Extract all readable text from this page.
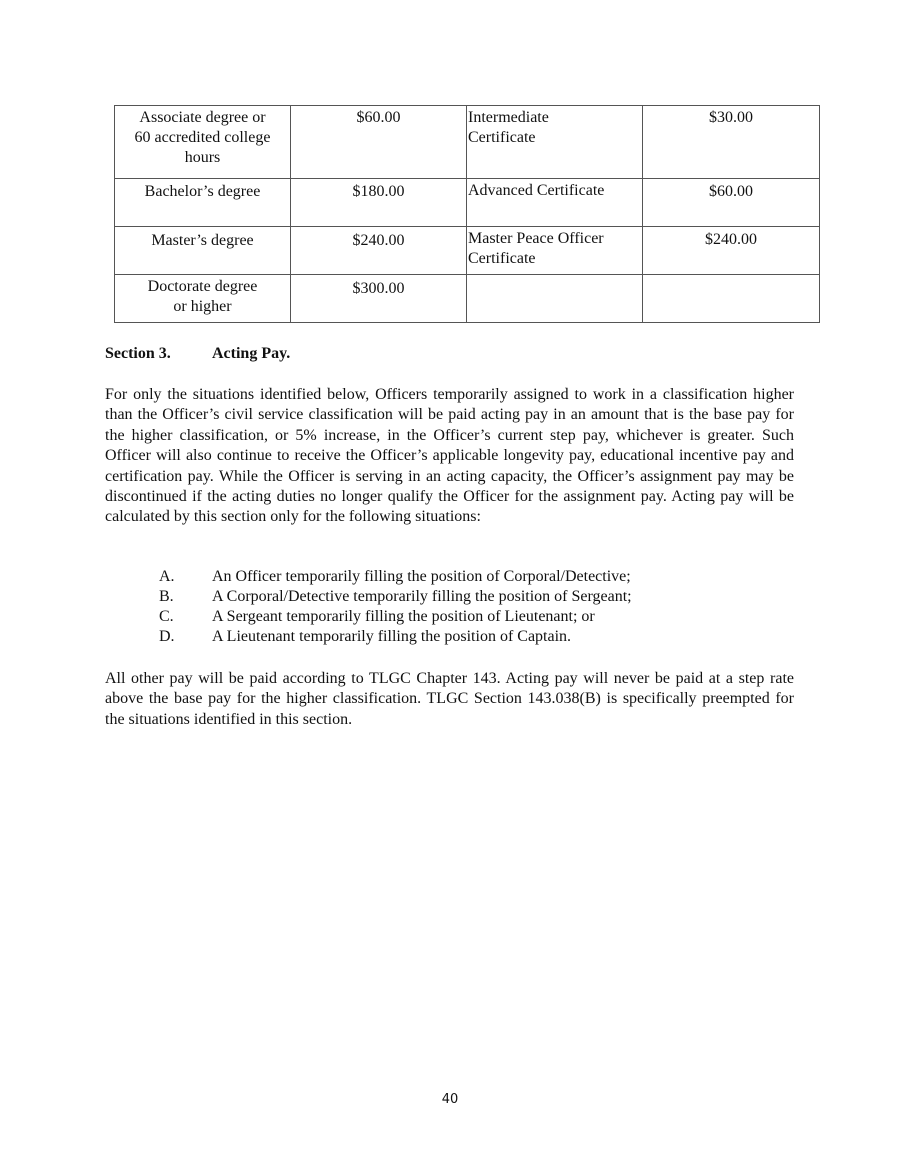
Associate degree or 60 accredited college hours	$60.00	Intermediate Certificate	$30.00
Bachelor’s degree	$180.00	Advanced Certificate	$60.00
Master’s degree	$240.00	Master Peace Officer Certificate	$240.00
Doctorate degree or higher	$300.00		
Section 3.	Acting Pay.

For only the situations identified below, Officers temporarily assigned to work in a classification higher than the Officer’s civil service classification will be paid acting pay in an amount that is the base pay for the higher classification, or 5% increase, in the Officer’s current step pay, whichever is greater. Such Officer will also continue to receive the Officer’s applicable longevity pay, educational incentive pay and certification pay. While the Officer is serving in an acting capacity, the Officer’s assignment pay may be discontinued if the acting duties no longer qualify the Officer for the assignment pay. Acting pay will be calculated by this section only for the following situations:

A.	An Officer temporarily filling the position of Corporal/Detective;
B.	A Corporal/Detective temporarily filling the position of Sergeant;
C.	A Sergeant temporarily filling the position of Lieutenant; or
D.	A Lieutenant temporarily filling the position of Captain.

All other pay will be paid according to TLGC Chapter 143. Acting pay will never be paid at a step rate above the base pay for the higher classification. TLGC Section 143.038(B) is specifically preempted for the situations identified in this section.

40
